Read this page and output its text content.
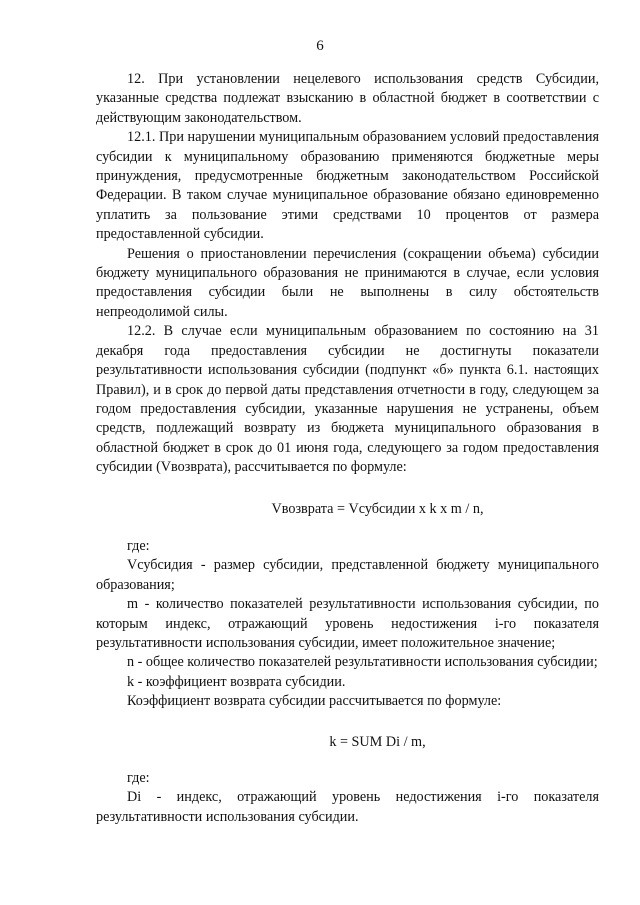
6

12. При установлении нецелевого использования средств Субсидии, указанные средства подлежат взысканию в областной бюджет в соответствии с действующим законодательством.

12.1. При нарушении муниципальным образованием условий предоставления субсидии к муниципальному образованию применяются бюджетные меры принуждения, предусмотренные бюджетным законодательством Российской Федерации. В таком случае муниципальное образование обязано единовременно уплатить за пользование этими средствами 10 процентов от размера предоставленной субсидии.

Решения о приостановлении перечисления (сокращении объема) субсидии бюджету муниципального образования не принимаются в случае, если условия предоставления субсидии были не выполнены в силу обстоятельств непреодолимой силы.

12.2. В случае если муниципальным образованием по состоянию на 31 декабря года предоставления субсидии не достигнуты показатели результативности использования субсидии (подпункт «б» пункта 6.1. настоящих Правил), и в срок до первой даты представления отчетности в году, следующем за годом предоставления субсидии, указанные нарушения не устранены, объем средств, подлежащий возврату из бюджета муниципального образования в областной бюджет в срок до 01 июня года, следующего за годом предоставления субсидии (Vвозврата), рассчитывается по формуле:

Vвозврата = Vсубсидии x k x m / n,

где:

Vсубсидия - размер субсидии, представленной бюджету муниципального образования;

m - количество показателей результативности использования субсидии, по которым индекс, отражающий уровень недостижения i-го показателя результативности использования субсидии, имеет положительное значение;

n - общее количество показателей результативности использования субсидии;

k - коэффициент возврата субсидии.

Коэффициент возврата субсидии рассчитывается по формуле:

k = SUM Di / m,

где:

Di - индекс, отражающий уровень недостижения i-го показателя результативности использования субсидии.
